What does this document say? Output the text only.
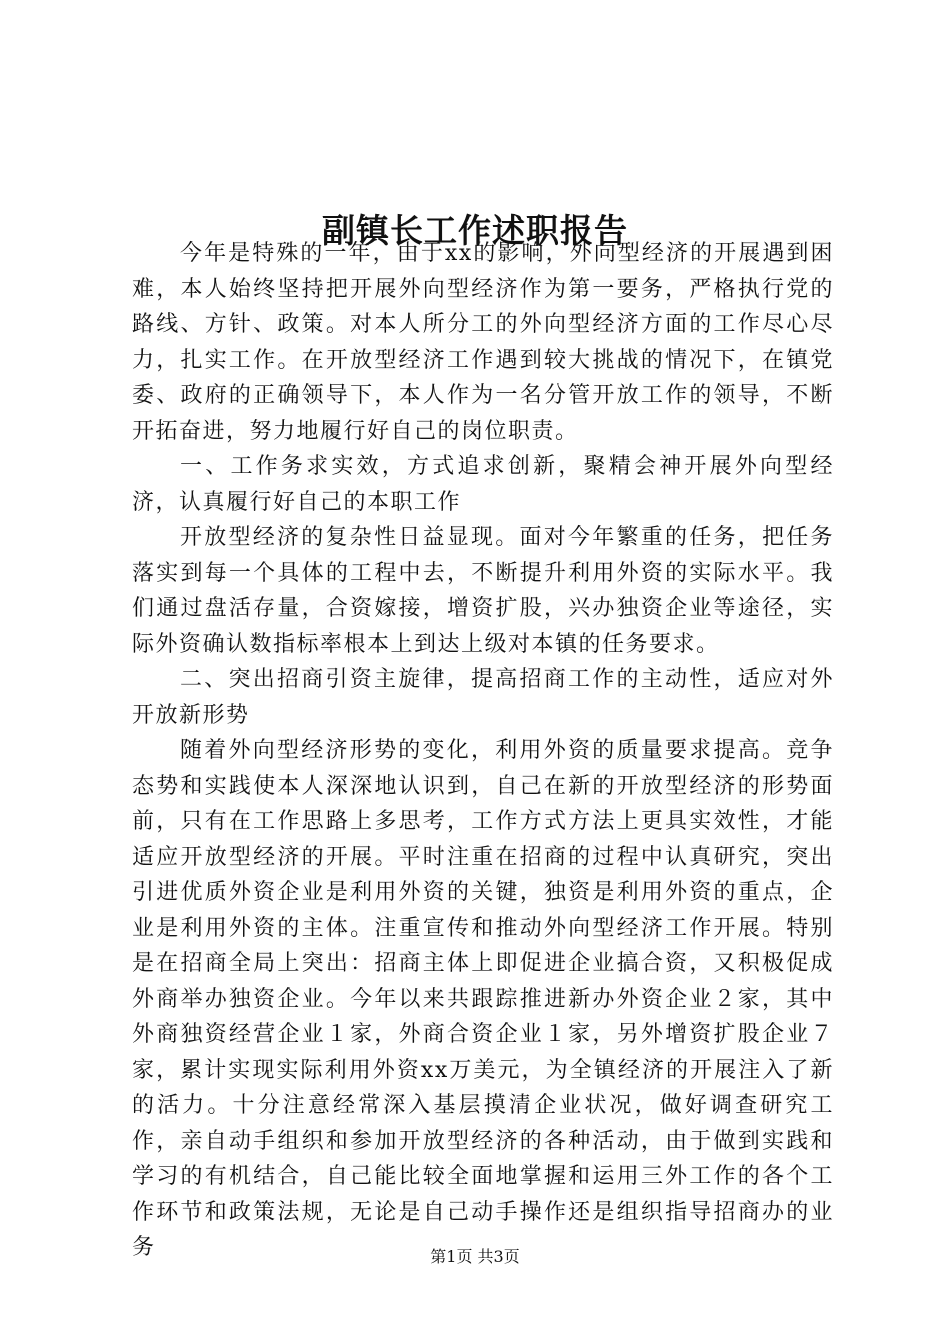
副镇长工作述职报告

今年是特殊的一年，由于xx的影响，外向型经济的开展遇到困难，本人始终坚持把开展外向型经济作为第一要务，严格执行党的路线、方针、政策。对本人所分工的外向型经济方面的工作尽心尽力，扎实工作。在开放型经济工作遇到较大挑战的情况下，在镇党委、政府的正确领导下，本人作为一名分管开放工作的领导，不断开拓奋进，努力地履行好自己的岗位职责。

一、工作务求实效，方式追求创新，聚精会神开展外向型经济，认真履行好自己的本职工作

开放型经济的复杂性日益显现。面对今年繁重的任务，把任务落实到每一个具体的工程中去，不断提升利用外资的实际水平。我们通过盘活存量，合资嫁接，增资扩股，兴办独资企业等途径，实际外资确认数指标率根本上到达上级对本镇的任务要求。

二、突出招商引资主旋律，提高招商工作的主动性，适应对外开放新形势

随着外向型经济形势的变化，利用外资的质量要求提高。竞争态势和实践使本人深深地认识到，自己在新的开放型经济的形势面前，只有在工作思路上多思考，工作方式方法上更具实效性，才能适应开放型经济的开展。平时注重在招商的过程中认真研究，突出引进优质外资企业是利用外资的关键，独资是利用外资的重点，企业是利用外资的主体。注重宣传和推动外向型经济工作开展。特别是在招商全局上突出：招商主体上即促进企业搞合资，又积极促成外商举办独资企业。今年以来共跟踪推进新办外资企业２家，其中外商独资经营企业１家，外商合资企业１家，另外增资扩股企业７家，累计实现实际利用外资xx万美元，为全镇经济的开展注入了新的活力。十分注意经常深入基层摸清企业状况，做好调查研究工作，亲自动手组织和参加开放型经济的各种活动，由于做到实践和学习的有机结合，自己能比较全面地掌握和运用三外工作的各个工作环节和政策法规，无论是自己动手操作还是组织指导招商办的业务	第1页 共3页
